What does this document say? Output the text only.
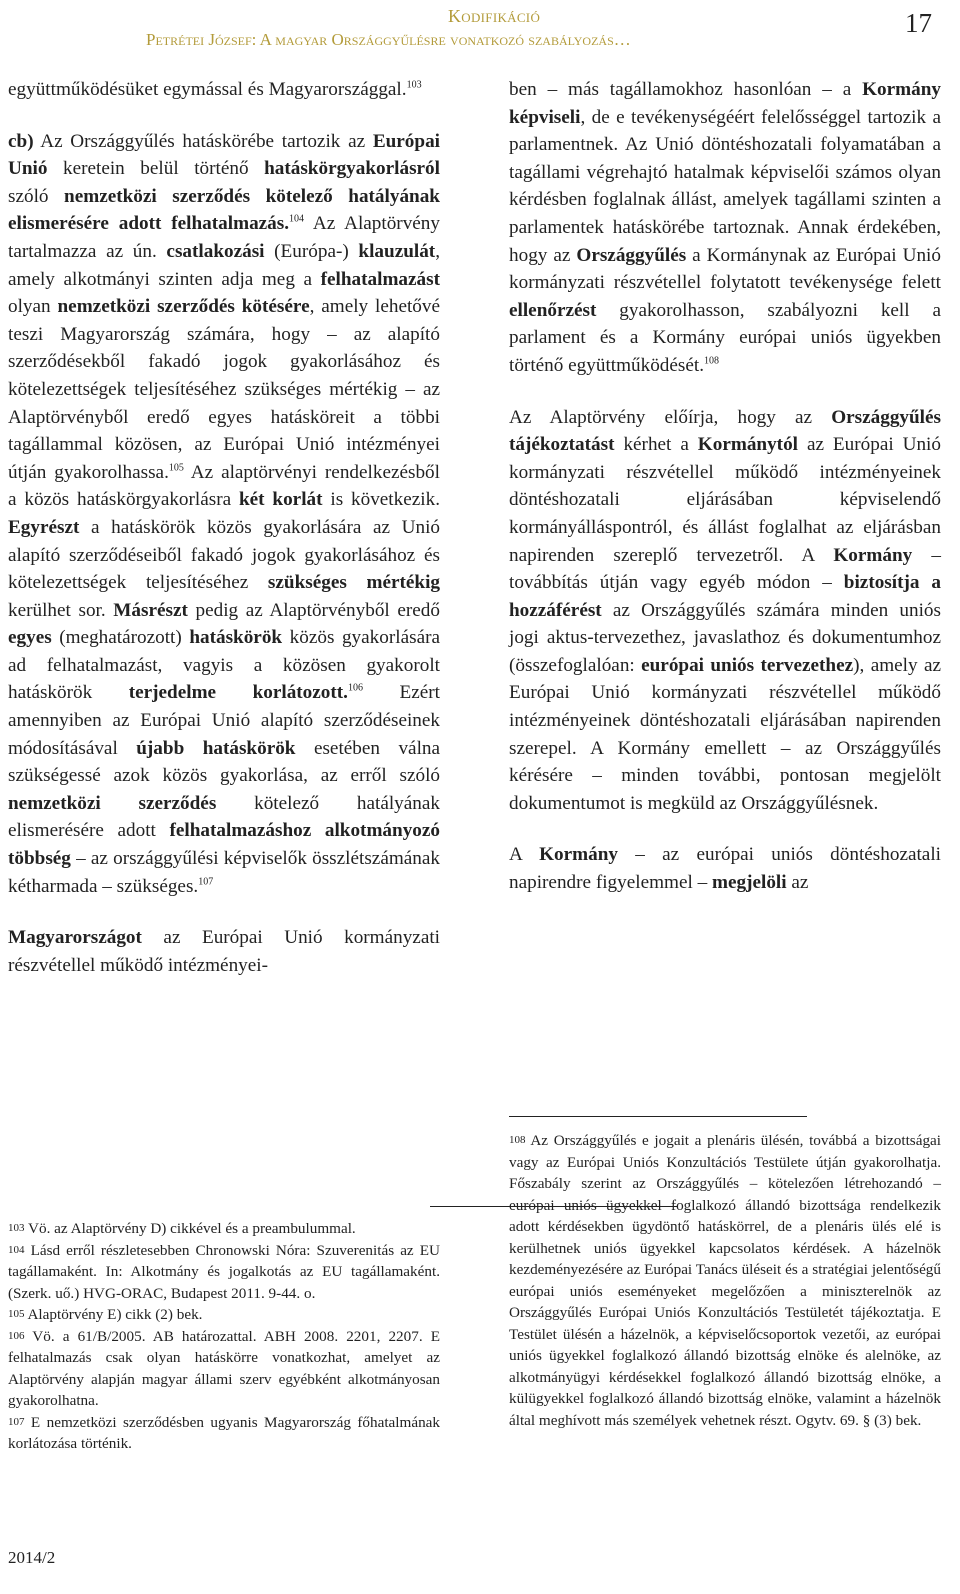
Kodifikáció
Petrétei József: A magyar Országgyűlésre vonatkozó szabályozás…
17

együttműködésüket egymással és Magyarországgal.$^{103}$

cb) Az Országgyűlés hatáskörébe tartozik az Európai Unió keretein belül történő hatáskörgyakorlásról szóló nemzetközi szerződés kötelező hatályának elismerésére adott felhatalmazás.$^{104}$ Az Alaptörvény tartalmazza az ún. csatlakozási (Európa-) klauzulát, amely alkotmányi szinten adja meg a felhatalmazást olyan nemzetközi szerződés kötésére, amely lehetővé teszi Magyarország számára, hogy – az alapító szerződésekből fakadó jogok gyakorlásához és kötelezettségek teljesítéséhez szükséges mértékig – az Alaptörvényből eredő egyes hatásköreit a többi tagállammal közösen, az Európai Unió intézményei útján gyakorolhassa.$^{105}$ Az alaptörvényi rendelkezésből a közös hatáskörgyakorlásra két korlát is következik. Egyrészt a hatáskörök közös gyakorlására az Unió alapító szerződéseiből fakadó jogok gyakorlásához és kötelezettségek teljesítéséhez szükséges mértékig kerülhet sor. Másrészt pedig az Alaptörvényből eredő egyes (meghatározott) hatáskörök közös gyakorlására ad felhatalmazást, vagyis a közösen gyakorolt hatáskörök terjedelme korlátozott.$^{106}$ Ezért amennyiben az Európai Unió alapító szerződéseinek módosításával újabb hatáskörök esetében válna szükségessé azok közös gyakorlása, az erről szóló nemzetközi szerződés kötelező hatályának elismerésére adott felhatalmazáshoz alkotmányozó többség – az országgyűlési képviselők összlétszámának kétharmada – szükséges.$^{107}$

Magyarországot az Európai Unió kormányzati részvétellel működő intézményei-

ben – más tagállamokhoz hasonlóan – a Kormány képviseli, de e tevékenységéért felelősséggel tartozik a parlamentnek. Az Unió döntéshozatali folyamatában a tagállami végrehajtó hatalmak képviselői számos olyan kérdésben foglalnak állást, amelyek tagállami szinten a parlamentek hatáskörébe tartoznak. Annak érdekében, hogy az Országgyűlés a Kormánynak az Európai Unió kormányzati részvétellel folytatott tevékenysége felett ellenőrzést gyakorolhasson, szabályozni kell a parlament és a Kormány európai uniós ügyekben történő együttműködését.$^{108}$

Az Alaptörvény előírja, hogy az Országgyűlés tájékoztatást kérhet a Kormánytól az Európai Unió kormányzati részvétellel működő intézményeinek döntéshozatali eljárásában képviselendő kormányálláspontról, és állást foglalhat az eljárásban napirenden szereplő tervezetről. A Kormány – továbbítás útján vagy egyéb módon – biztosítja a hozzáférést az Országgyűlés számára minden uniós jogi aktus-tervezethez, javaslathoz és dokumentumhoz (összefoglalóan: európai uniós tervezethez), amely az Európai Unió kormányzati részvétellel működő intézményeinek döntéshozatali eljárásában napirenden szerepel. A Kormány emellett – az Országgyűlés kérésére – minden további, pontosan megjelölt dokumentumot is megküld az Országgyűlésnek.

A Kormány – az európai uniós döntéshozatali napirendre figyelemmel – megjelöli az

$^{103}$ Vö. az Alaptörvény D) cikkével és a preambulummal.

$^{104}$ Lásd erről részletesebben Chronowski Nóra: Szuverenitás az EU tagállamaként. In: Alkotmány és jogalkotás az EU tagállamaként. (Szerk. uő.) HVG-ORAC, Budapest 2011. 9-44. o.

$^{105}$ Alaptörvény E) cikk (2) bek.

$^{106}$ Vö. a 61/B/2005. AB határozattal. ABH 2008. 2201, 2207. E felhatalmazás csak olyan hatáskörre vonatkozhat, amelyet az Alaptörvény alapján magyar állami szerv egyébként alkotmányosan gyakorolhatna.

$^{107}$ E nemzetközi szerződésben ugyanis Magyarország főhatalmának korlátozása történik.

$^{108}$ Az Országgyűlés e jogait a plenáris ülésén, továbbá a bizottságai vagy az Európai Uniós Konzultációs Testülete útján gyakorolhatja. Főszabály szerint az Országgyűlés – kötelezően létrehozandó – európai uniós ügyekkel foglalkozó állandó bizottsága rendelkezik adott kérdésekben ügydöntő hatáskörrel, de a plenáris ülés elé is kerülhetnek uniós ügyekkel kapcsolatos kérdések. A házelnök kezdeményezésére az Európai Tanács üléseit és a stratégiai jelentőségű európai uniós eseményeket megelőzően a miniszterelnök az Országgyűlés Európai Uniós Konzultációs Testületét tájékoztatja. E Testület ülésén a házelnök, a képviselőcsoportok vezetői, az európai uniós ügyekkel foglalkozó állandó bizottság elnöke és alelnöke, az alkotmányügyi kérdésekkel foglalkozó állandó bizottság elnöke, a külügyekkel foglalkozó állandó bizottság elnöke, valamint a házelnök által meghívott más személyek vehetnek részt. Ogytv. 69. § (3) bek.

2014/2
